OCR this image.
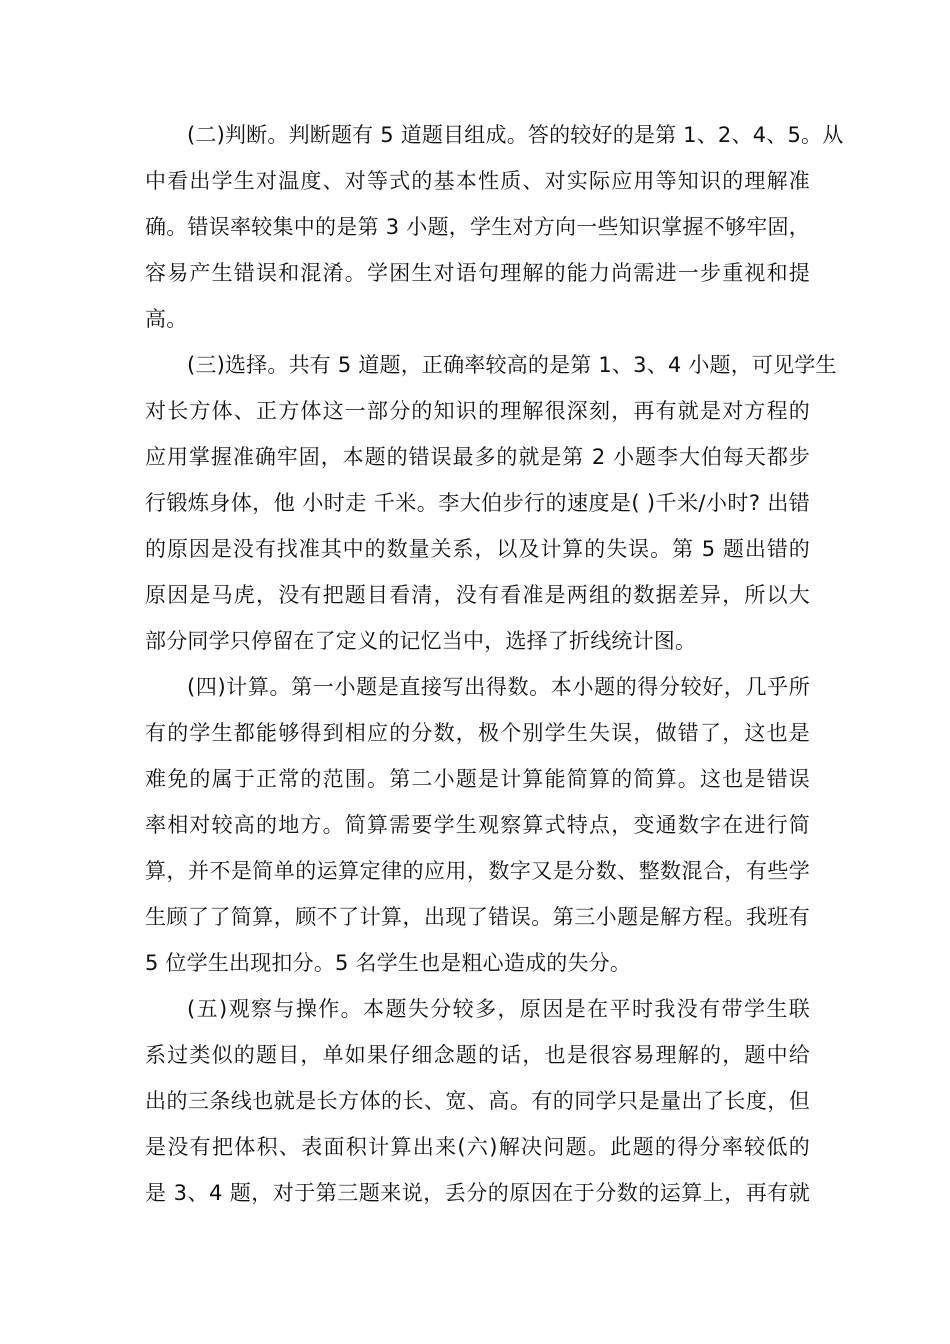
(二)判断。判断题有 5 道题目组成。答的较好的是第 1、2、4、5。从
中看出学生对温度、对等式的基本性质、对实际应用等知识的理解准
确。错误率较集中的是第 3 小题，学生对方向一些知识掌握不够牢固，
容易产生错误和混淆。学困生对语句理解的能力尚需进一步重视和提
高。

(三)选择。共有 5 道题，正确率较高的是第 1、3、4 小题，可见学生
对长方体、正方体这一部分的知识的理解很深刻，再有就是对方程的
应用掌握准确牢固，本题的错误最多的就是第 2 小题李大伯每天都步
行锻炼身体，他 小时走 千米。李大伯步行的速度是( )千米/小时? 出错
的原因是没有找准其中的数量关系，以及计算的失误。第 5 题出错的
原因是马虎，没有把题目看清，没有看准是两组的数据差异，所以大
部分同学只停留在了定义的记忆当中，选择了折线统计图。

(四)计算。第一小题是直接写出得数。本小题的得分较好，几乎所
有的学生都能够得到相应的分数，极个别学生失误，做错了，这也是
难免的属于正常的范围。第二小题是计算能简算的简算。这也是错误
率相对较高的地方。简算需要学生观察算式特点，变通数字在进行简
算，并不是简单的运算定律的应用，数字又是分数、整数混合，有些学
生顾了了简算，顾不了计算，出现了错误。第三小题是解方程。我班有
5 位学生出现扣分。5 名学生也是粗心造成的失分。

(五)观察与操作。本题失分较多，原因是在平时我没有带学生联
系过类似的题目，单如果仔细念题的话，也是很容易理解的，题中给
出的三条线也就是长方体的长、宽、高。有的同学只是量出了长度，但
是没有把体积、表面积计算出来(六)解决问题。此题的得分率较低的
是 3、4 题，对于第三题来说，丢分的原因在于分数的运算上，再有就
